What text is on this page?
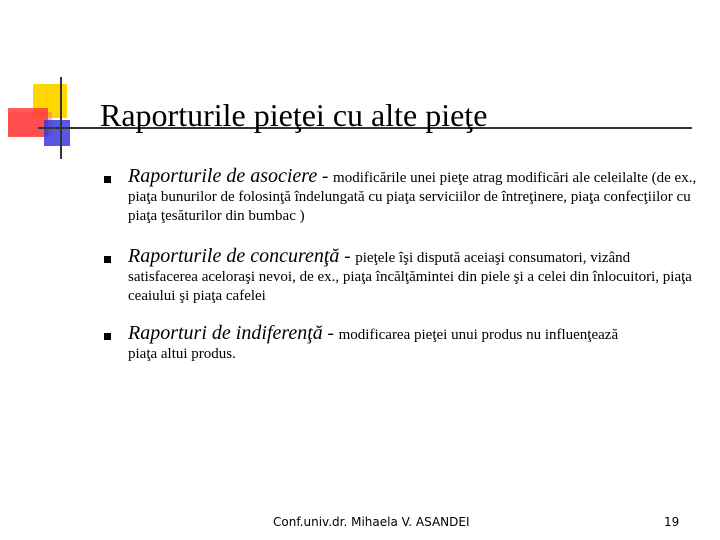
Raporturile pieţei cu alte pieţe
Raporturile de asociere - modificările unei pieţe atrag modificări ale celeilalte (de ex., piaţa bunurilor de folosinţă îndelungată cu piaţa serviciilor de întreţinere, piaţa confecţiilor cu piaţa ţesăturilor din bumbac )
Raporturile de concurenţă - pieţele îşi dispută aceiaşi consumatori, vizând satisfacerea aceloraşi nevoi, de ex., piaţa încălţămintei din piele şi a celei din înlocuitori, piaţa ceaiului şi piaţa cafelei
Raporturi de indiferenţă - modificarea pieţei unui produs nu influenţează piaţa altui produs.
Conf.univ.dr. Mihaela V. ASANDEI	19
